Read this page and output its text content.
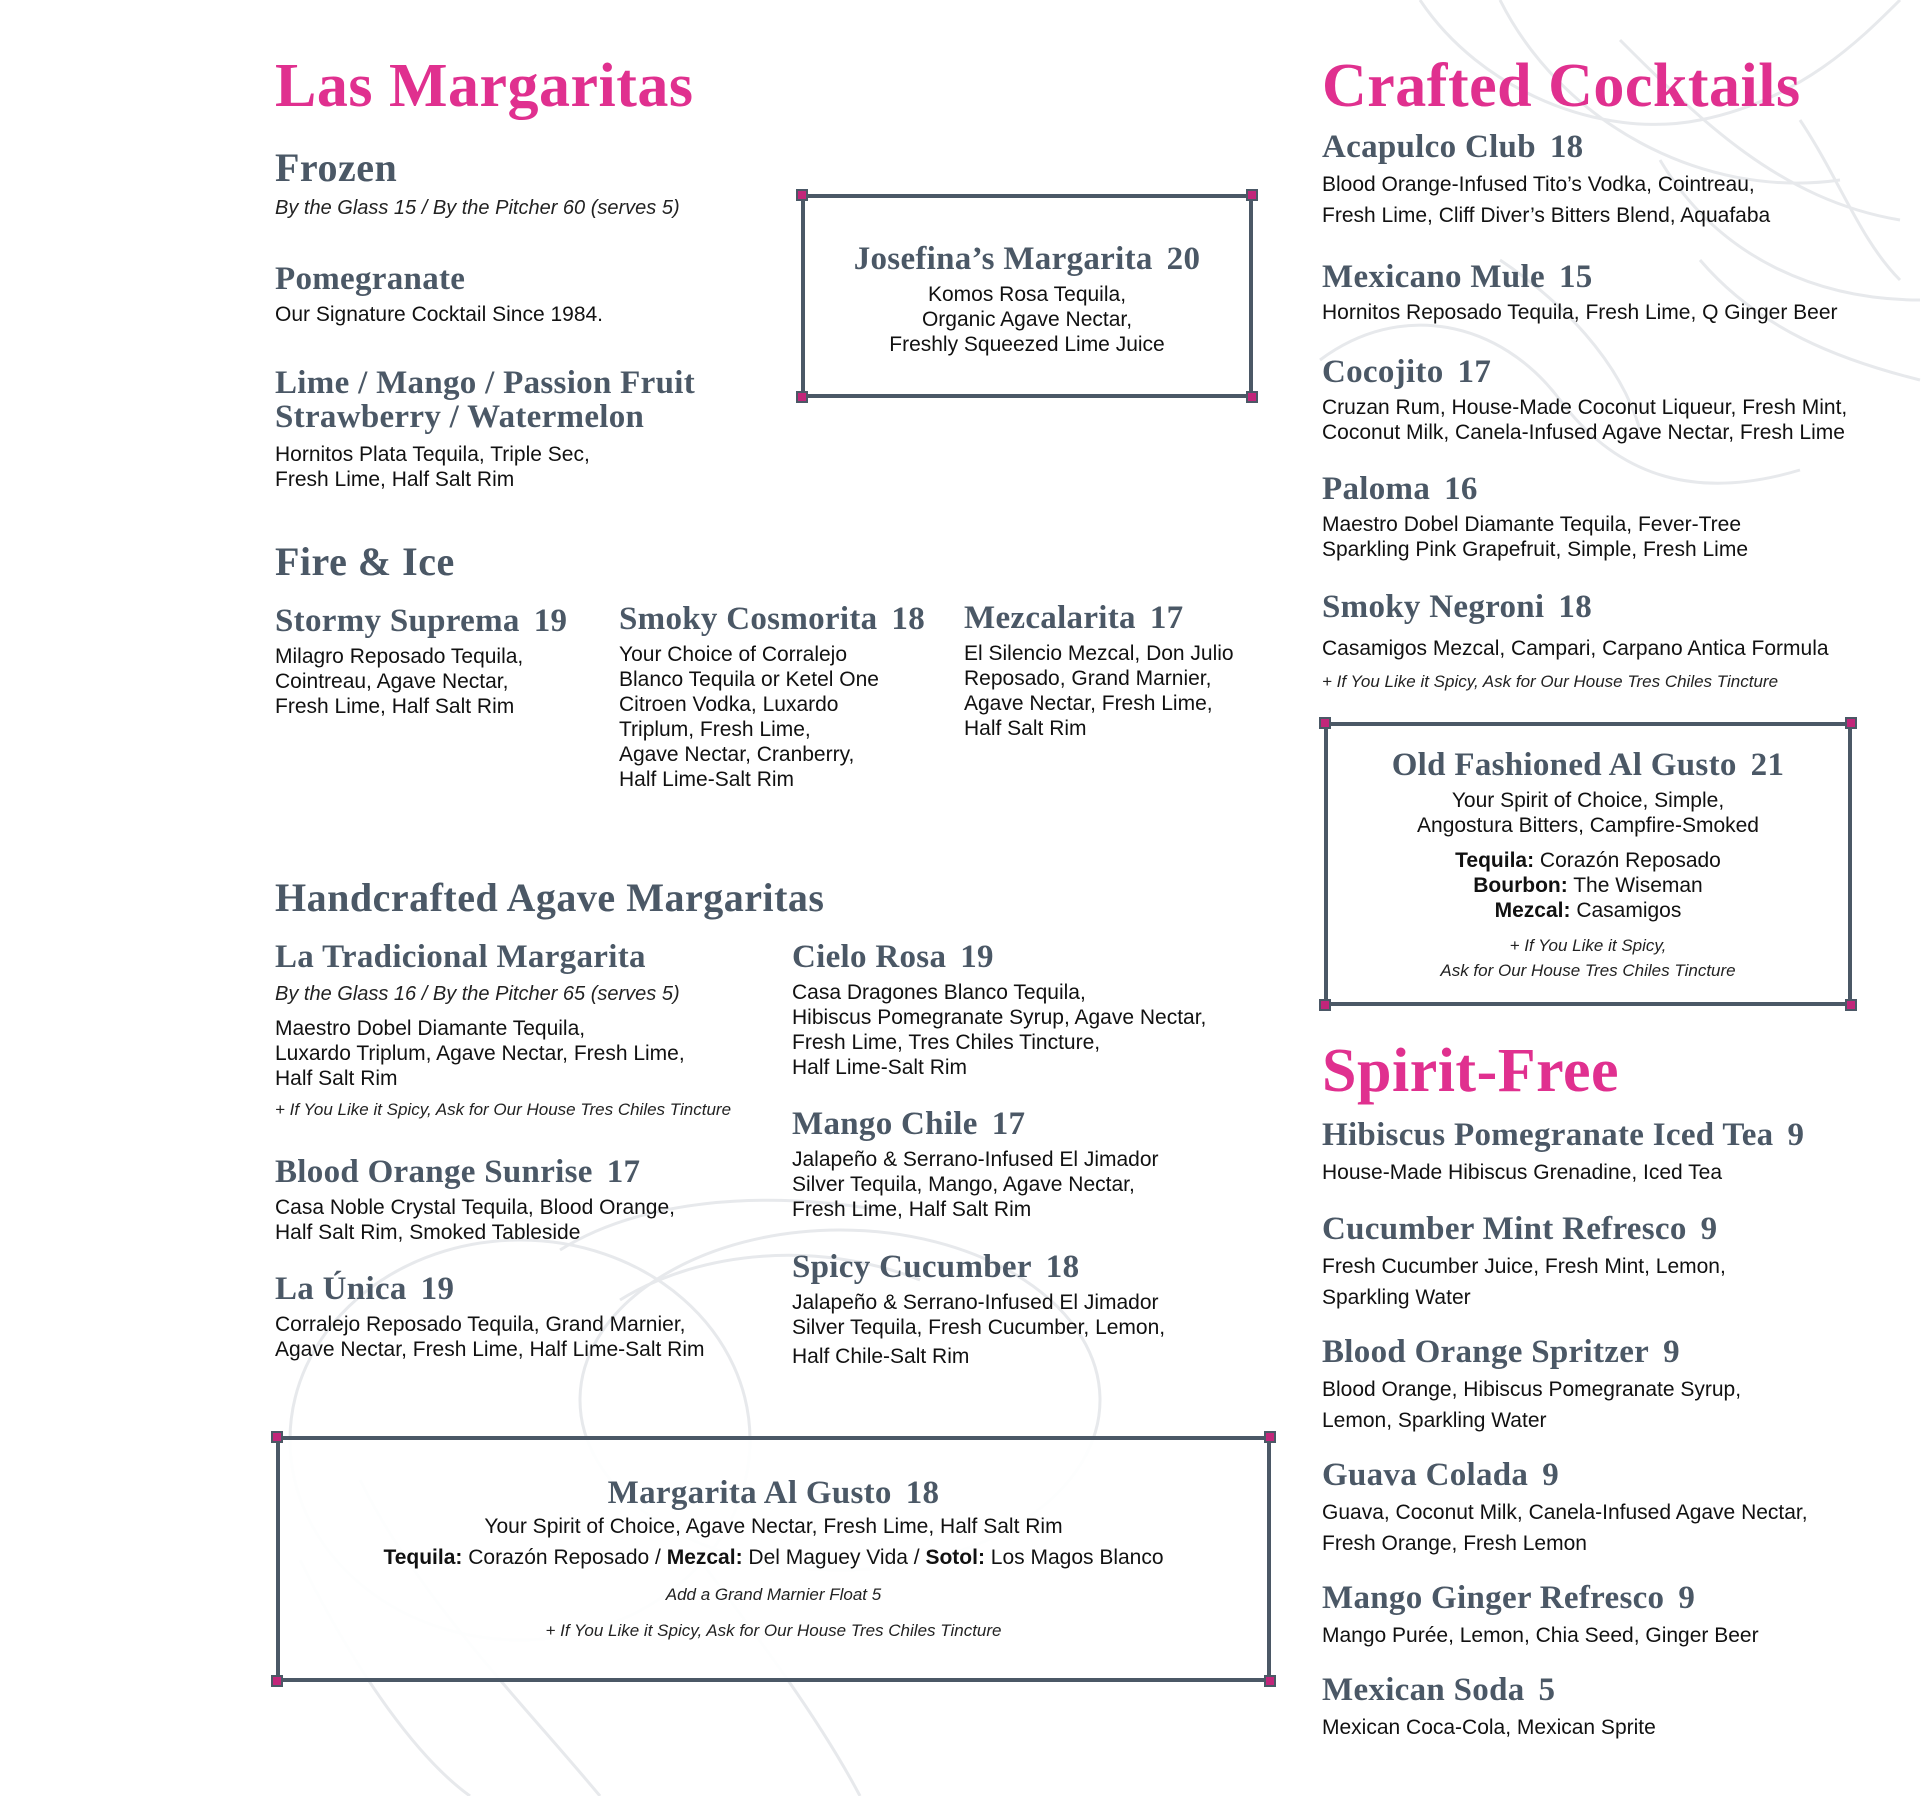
Las Margaritas
Frozen
By the Glass 15 / By the Pitcher 60 (serves 5)
Pomegranate
Our Signature Cocktail Since 1984.
Lime / Mango / Passion Fruit
Strawberry / Watermelon
Hornitos Plata Tequila, Triple Sec,
Fresh Lime, Half Salt Rim
Josefina’s Margarita 20
Komos Rosa Tequila,
Organic Agave Nectar,
Freshly Squeezed Lime Juice
Fire & Ice
Stormy Suprema 19
Milagro Reposado Tequila,
Cointreau, Agave Nectar,
Fresh Lime, Half Salt Rim
Smoky Cosmorita 18
Your Choice of Corralejo
Blanco Tequila or Ketel One
Citroen Vodka, Luxardo
Triplum, Fresh Lime,
Agave Nectar, Cranberry,
Half Lime-Salt Rim
Mezcalarita 17
El Silencio Mezcal, Don Julio
Reposado, Grand Marnier,
Agave Nectar, Fresh Lime,
Half Salt Rim
Handcrafted Agave Margaritas
La Tradicional Margarita
By the Glass 16 / By the Pitcher 65 (serves 5)
Maestro Dobel Diamante Tequila,
Luxardo Triplum, Agave Nectar, Fresh Lime,
Half Salt Rim
+ If You Like it Spicy, Ask for Our House Tres Chiles Tincture
Blood Orange Sunrise 17
Casa Noble Crystal Tequila, Blood Orange,
Half Salt Rim, Smoked Tableside
La Única 19
Corralejo Reposado Tequila, Grand Marnier,
Agave Nectar, Fresh Lime, Half Lime-Salt Rim
Cielo Rosa 19
Casa Dragones Blanco Tequila,
Hibiscus Pomegranate Syrup, Agave Nectar,
Fresh Lime, Tres Chiles Tincture,
Half Lime-Salt Rim
Mango Chile 17
Jalapeño & Serrano-Infused El Jimador
Silver Tequila, Mango, Agave Nectar,
Fresh Lime, Half Salt Rim
Spicy Cucumber 18
Jalapeño & Serrano-Infused El Jimador
Silver Tequila, Fresh Cucumber, Lemon,
Half Chile-Salt Rim
Margarita Al Gusto 18
Your Spirit of Choice, Agave Nectar, Fresh Lime, Half Salt Rim
Tequila: Corazón Reposado / Mezcal: Del Maguey Vida / Sotol: Los Magos Blanco
Add a Grand Marnier Float 5
+ If You Like it Spicy, Ask for Our House Tres Chiles Tincture
Crafted Cocktails
Acapulco Club 18
Blood Orange-Infused Tito’s Vodka, Cointreau,
Fresh Lime, Cliff Diver’s Bitters Blend, Aquafaba
Mexicano Mule 15
Hornitos Reposado Tequila, Fresh Lime, Q Ginger Beer
Cocojito 17
Cruzan Rum, House-Made Coconut Liqueur, Fresh Mint,
Coconut Milk, Canela-Infused Agave Nectar, Fresh Lime
Paloma 16
Maestro Dobel Diamante Tequila, Fever-Tree
Sparkling Pink Grapefruit, Simple, Fresh Lime
Smoky Negroni 18
Casamigos Mezcal, Campari, Carpano Antica Formula
+ If You Like it Spicy, Ask for Our House Tres Chiles Tincture
Old Fashioned Al Gusto 21
Your Spirit of Choice, Simple,
Angostura Bitters, Campfire-Smoked
Tequila: Corazón Reposado
Bourbon: The Wiseman
Mezcal: Casamigos
+ If You Like it Spicy,
Ask for Our House Tres Chiles Tincture
Spirit-Free
Hibiscus Pomegranate Iced Tea 9
House-Made Hibiscus Grenadine, Iced Tea
Cucumber Mint Refresco 9
Fresh Cucumber Juice, Fresh Mint, Lemon,
Sparkling Water
Blood Orange Spritzer 9
Blood Orange, Hibiscus Pomegranate Syrup,
Lemon, Sparkling Water
Guava Colada 9
Guava, Coconut Milk, Canela-Infused Agave Nectar,
Fresh Orange, Fresh Lemon
Mango Ginger Refresco 9
Mango Purée, Lemon, Chia Seed, Ginger Beer
Mexican Soda 5
Mexican Coca-Cola, Mexican Sprite
